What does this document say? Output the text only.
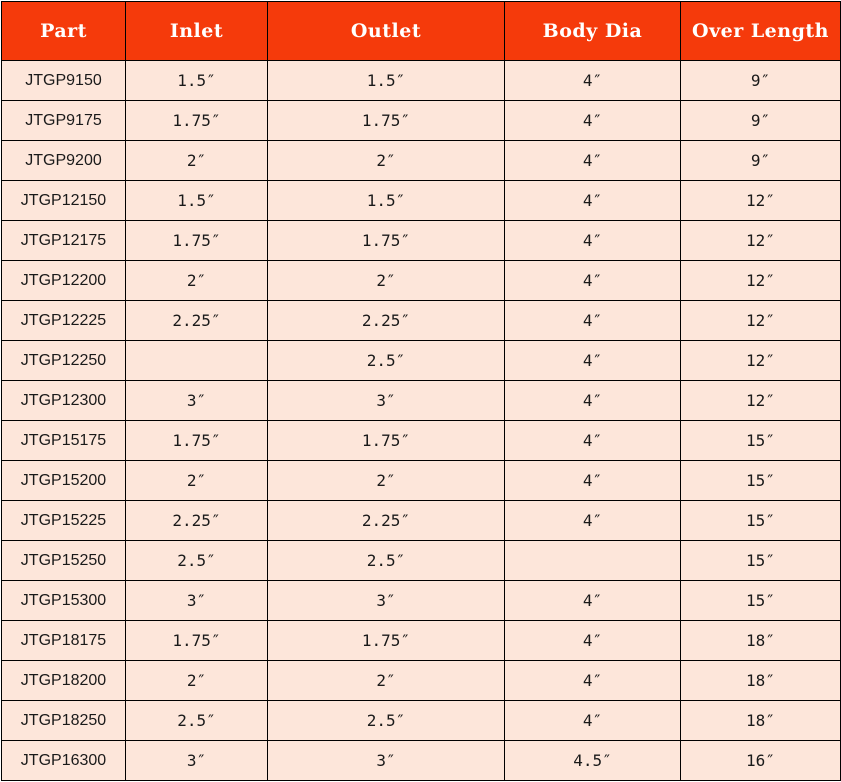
Part	Inlet	Outlet	Body Dia	Over Length
JTGP9150	1.5″	1.5″	4″	9″
JTGP9175	1.75″	1.75″	4″	9″
JTGP9200	2″	2″	4″	9″
JTGP12150	1.5″	1.5″	4″	12″
JTGP12175	1.75″	1.75″	4″	12″
JTGP12200	2″	2″	4″	12″
JTGP12225	2.25″	2.25″	4″	12″
JTGP12250		2.5″	4″	12″
JTGP12300	3″	3″	4″	12″
JTGP15175	1.75″	1.75″	4″	15″
JTGP15200	2″	2″	4″	15″
JTGP15225	2.25″	2.25″	4″	15″
JTGP15250	2.5″	2.5″		15″
JTGP15300	3″	3″	4″	15″
JTGP18175	1.75″	1.75″	4″	18″
JTGP18200	2″	2″	4″	18″
JTGP18250	2.5″	2.5″	4″	18″
JTGP16300	3″	3″	4.5″	16″
